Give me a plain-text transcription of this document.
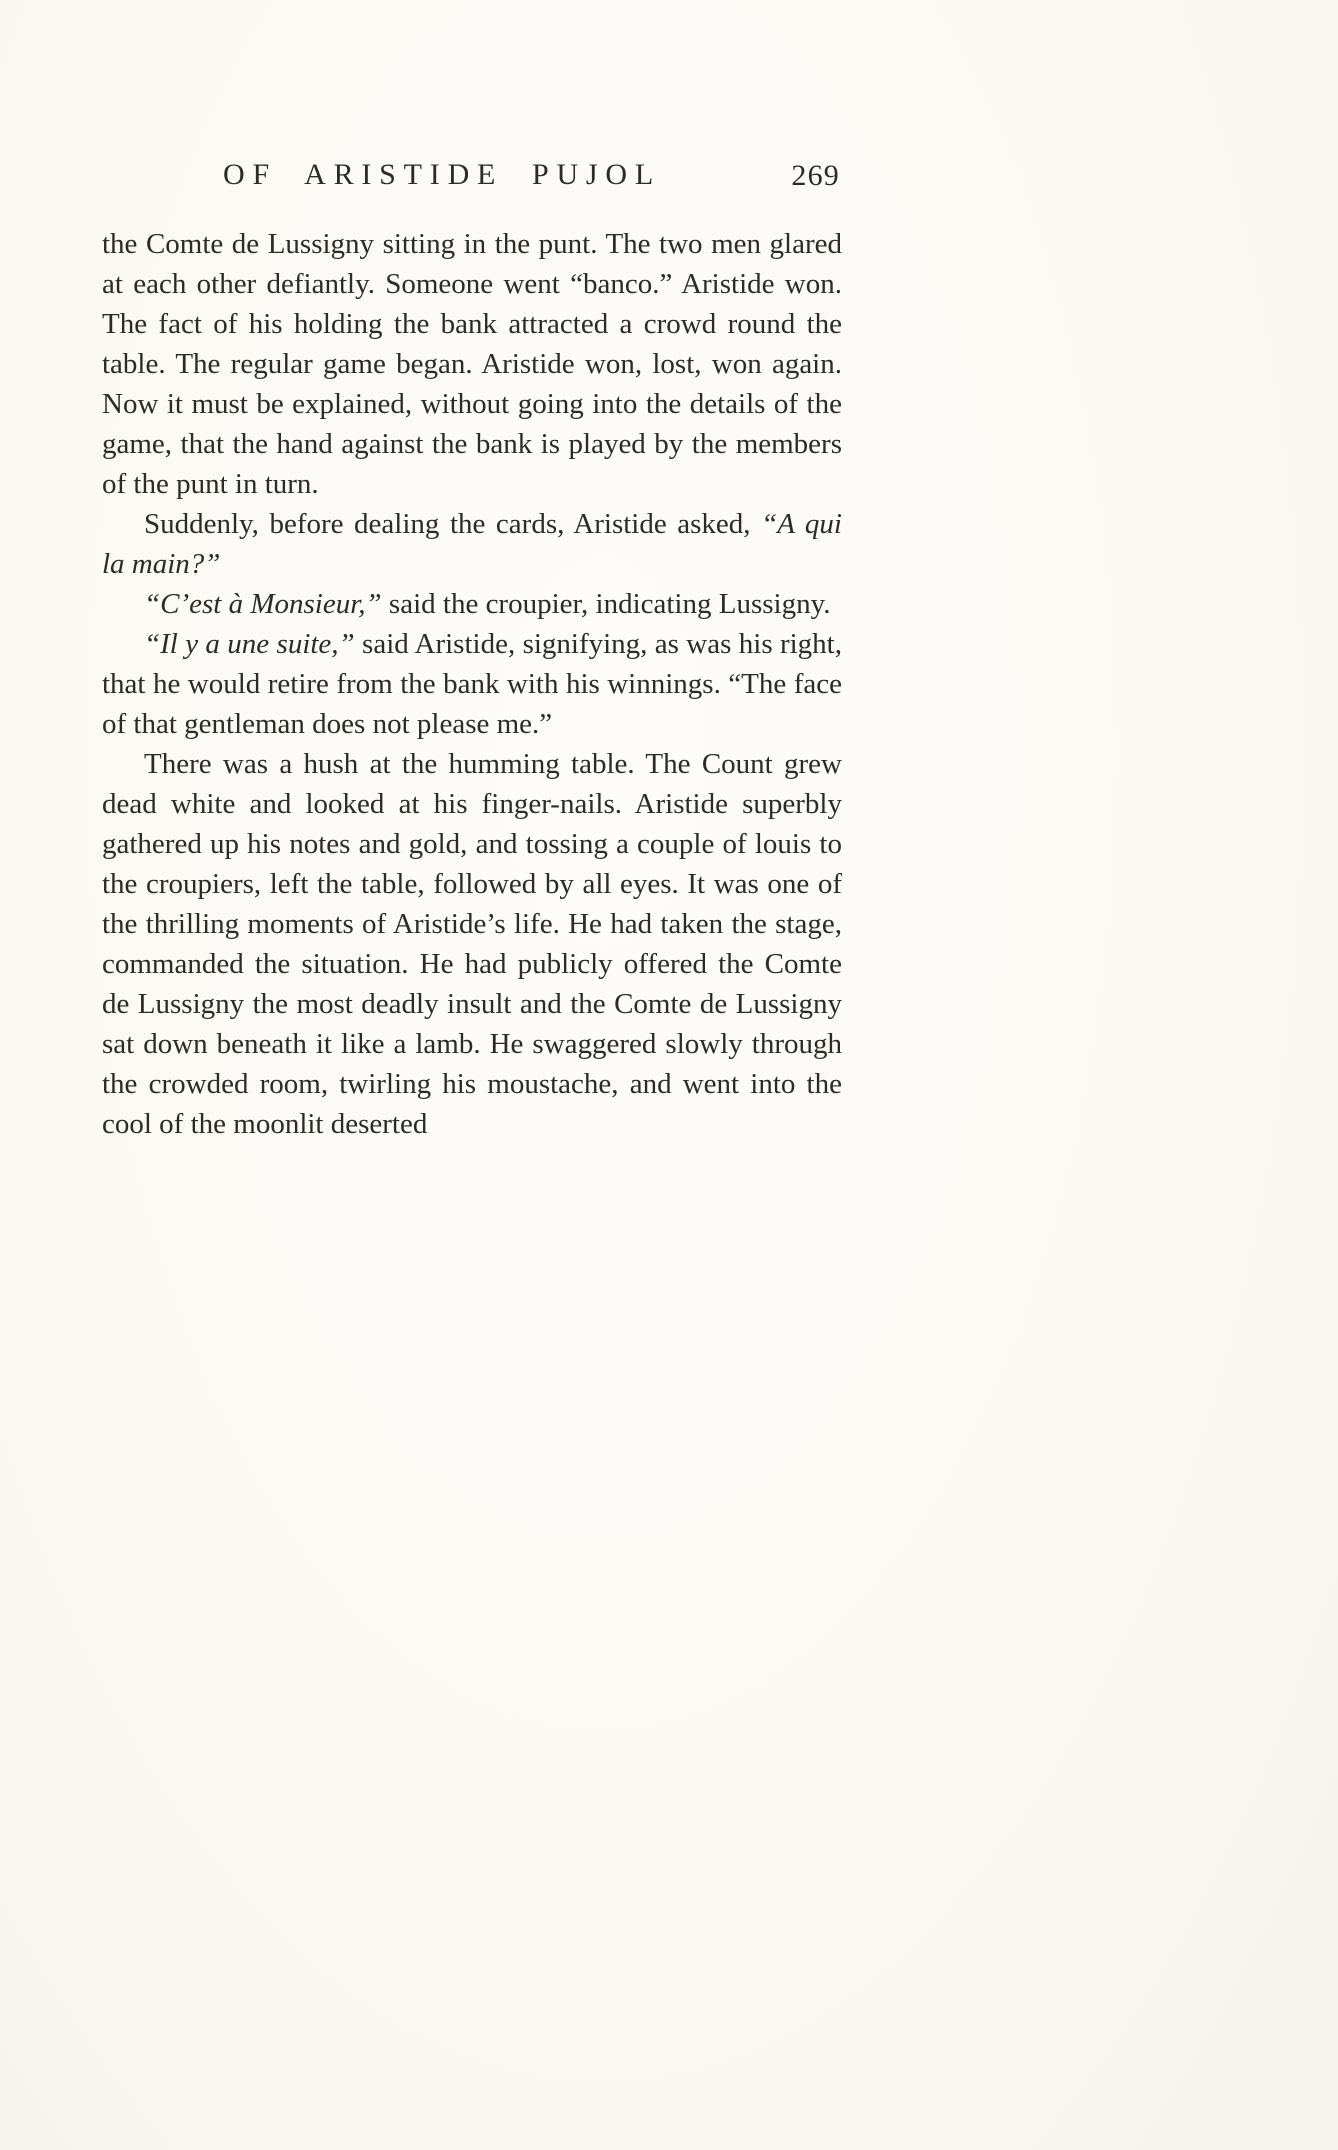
OF ARISTIDE PUJOL	269

the Comte de Lussigny sitting in the punt. The two men glared at each other defiantly. Someone went “banco.” Aristide won. The fact of his holding the bank attracted a crowd round the table. The regular game began. Aristide won, lost, won again. Now it must be explained, without going into the details of the game, that the hand against the bank is played by the members of the punt in turn.

Suddenly, before dealing the cards, Aristide asked, “A qui la main?”

“C’est à Monsieur,” said the croupier, indicating Lussigny.

“Il y a une suite,” said Aristide, signifying, as was his right, that he would retire from the bank with his winnings. “The face of that gentleman does not please me.”

There was a hush at the humming table. The Count grew dead white and looked at his finger-nails. Aristide superbly gathered up his notes and gold, and tossing a couple of louis to the croupiers, left the table, followed by all eyes. It was one of the thrilling moments of Aristide’s life. He had taken the stage, commanded the situation. He had publicly offered the Comte de Lussigny the most deadly insult and the Comte de Lussigny sat down beneath it like a lamb. He swaggered slowly through the crowded room, twirling his moustache, and went into the cool of the moonlit deserted
